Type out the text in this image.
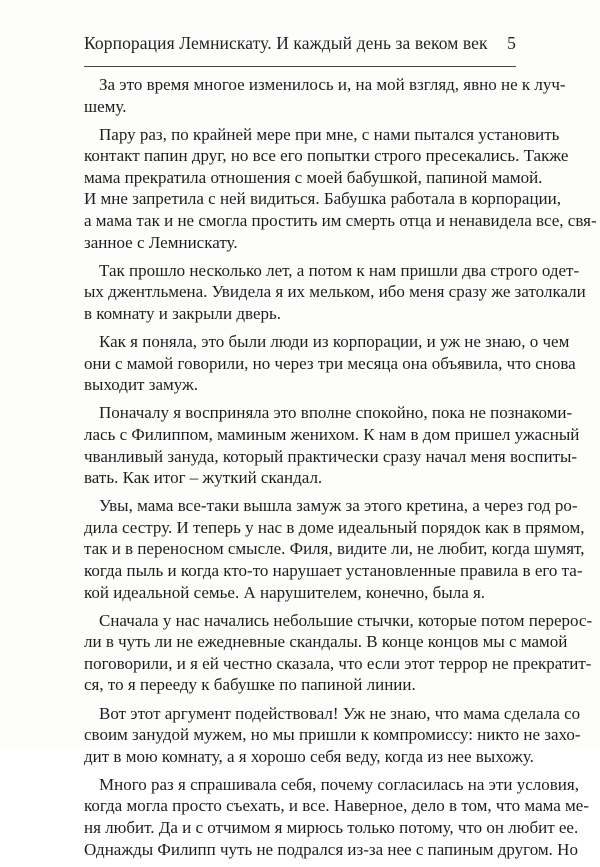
Корпорация Лемнискату. И каждый день за веком век 5
За это время многое изменилось и, на мой взгляд, явно не к луч-
шему.
Пару раз, по крайней мере при мне, с нами пытался установить
контакт папин друг, но все его попытки строго пресекались. Также
мама прекратила отношения с моей бабушкой, папиной мамой.
И мне запретила с ней видиться. Бабушка работала в корпорации,
а мама так и не смогла простить им смерть отца и ненавидела все, свя-
занное с Лемнискату.
Так прошло несколько лет, а потом к нам пришли два строго одет-
ых джентльмена. Увидела я их мельком, ибо меня сразу же затолкали
в комнату и закрыли дверь.
Как я поняла, это были люди из корпорации, и уж не знаю, о чем
они с мамой говорили, но через три месяца она объявила, что снова
выходит замуж.
Поначалу я восприняла это вполне спокойно, пока не познакоми-
лась с Филиппом, маминым женихом. К нам в дом пришел ужасный
чванливый зануда, который практически сразу начал меня воспиты-
вать. Как итог – жуткий скандал.
Увы, мама все-таки вышла замуж за этого кретина, а через год ро-
дила сестру. И теперь у нас в доме идеальный порядок как в прямом,
так и в переносном смысле. Филя, видите ли, не любит, когда шумят,
когда пыль и когда кто-то нарушает установленные правила в его та-
кой идеальной семье. А нарушителем, конечно, была я.
Сначала у нас начались небольшие стычки, которые потом перерос-
ли в чуть ли не ежедневные скандалы. В конце концов мы с мамой
поговорили, и я ей честно сказала, что если этот террор не прекратит-
ся, то я перееду к бабушке по папиной линии.
Вот этот аргумент подействовал! Уж не знаю, что мама сделала со
своим занудой мужем, но мы пришли к компромиссу: никто не захо-
дит в мою комнату, а я хорошо себя веду, когда из нее выхожу.
Много раз я спрашивала себя, почему согласилась на эти условия,
когда могла просто съехать, и все. Наверное, дело в том, что мама ме-
ня любит. Да и с отчимом я мирюсь только потому, что он любит ее.
Однажды Филипп чуть не подрался из-за нее с папиным другом. Но
